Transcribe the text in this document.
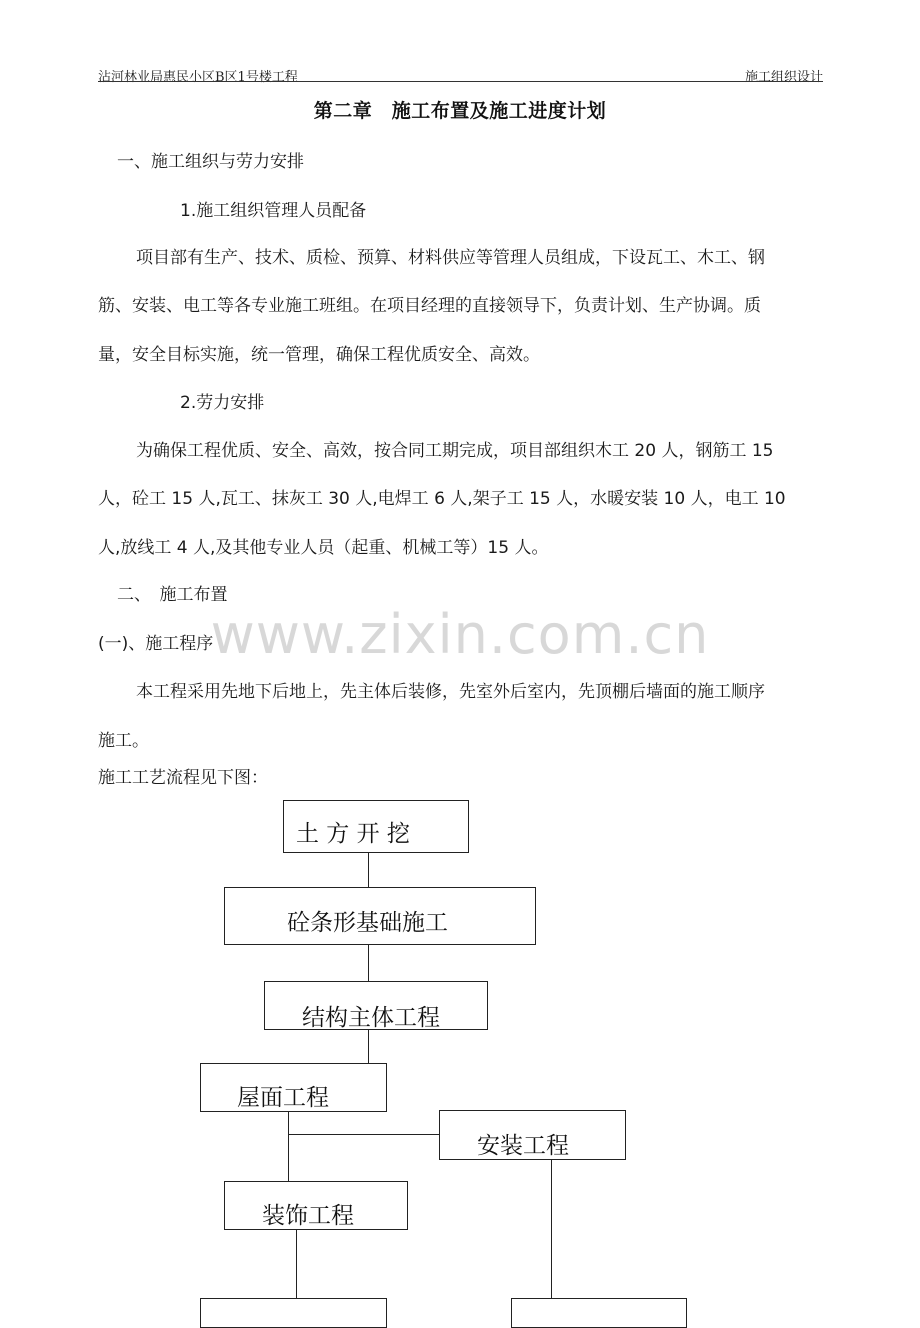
沾河林业局惠民小区B区1号楼工程	施工组织设计
第二章　施工布置及施工进度计划
一、施工组织与劳力安排
1.施工组织管理人员配备
项目部有生产、技术、质检、预算、材料供应等管理人员组成，下设瓦工、木工、钢
筋、安装、电工等各专业施工班组。在项目经理的直接领导下，负责计划、生产协调。质
量，安全目标实施，统一管理，确保工程优质安全、高效。
2.劳力安排
为确保工程优质、安全、高效，按合同工期完成，项目部组织木工 20 人，钢筋工 15
人，砼工 15 人,瓦工、抹灰工 30 人,电焊工 6 人,架子工 15 人，水暖安装 10 人，电工 10
人,放线工 4 人,及其他专业人员（起重、机械工等）15 人。
二、　施工布置
www.zixin.com.cn
(一)、施工程序
本工程采用先地下后地上，先主体后装修，先室外后室内，先顶棚后墙面的施工顺序
施工。
施工工艺流程见下图：
土 方 开 挖
砼条形基础施工
结构主体工程
屋面工程
安装工程
装饰工程
